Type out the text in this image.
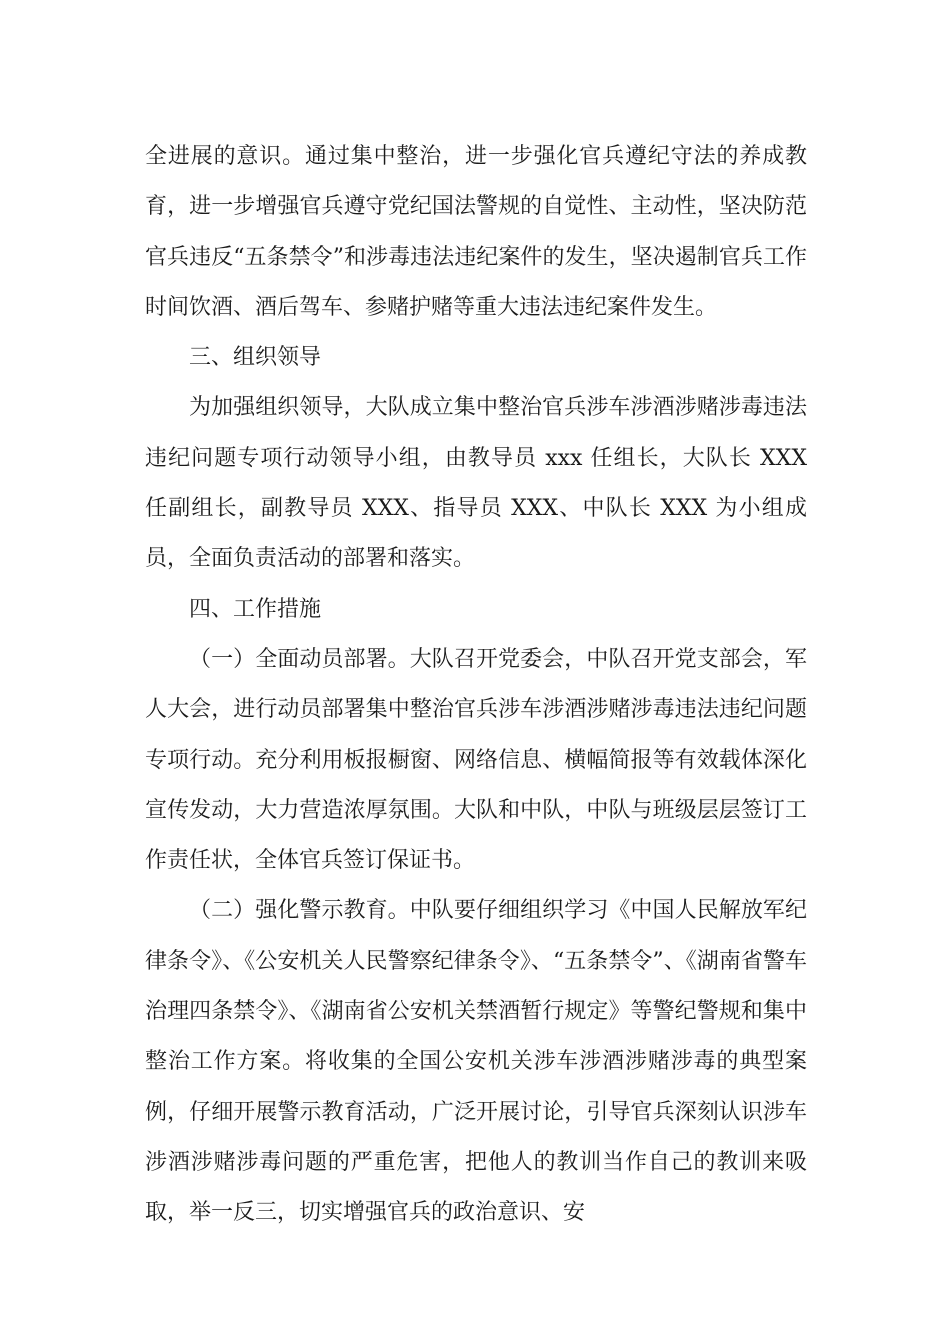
全进展的意识。通过集中整治，进一步强化官兵遵纪守法的养成教育，进一步增强官兵遵守党纪国法警规的自觉性、主动性，坚决防范官兵违反“五条禁令”和涉毒违法违纪案件的发生，坚决遏制官兵工作时间饮酒、酒后驾车、参赌护赌等重大违法违纪案件发生。

三、组织领导

为加强组织领导，大队成立集中整治官兵涉车涉酒涉赌涉毒违法违纪问题专项行动领导小组，由教导员 xxx 任组长，大队长 XXX 任副组长，副教导员 XXX、指导员 XXX、中队长 XXX 为小组成员，全面负责活动的部署和落实。

四、工作措施

（一）全面动员部署。大队召开党委会，中队召开党支部会，军人大会，进行动员部署集中整治官兵涉车涉酒涉赌涉毒违法违纪问题专项行动。充分利用板报橱窗、网络信息、横幅简报等有效载体深化宣传发动，大力营造浓厚氛围。大队和中队，中队与班级层层签订工作责任状，全体官兵签订保证书。

（二）强化警示教育。中队要仔细组织学习《中国人民解放军纪律条令》、《公安机关人民警察纪律条令》、“五条禁令”、《湖南省警车治理四条禁令》、《湖南省公安机关禁酒暂行规定》等警纪警规和集中整治工作方案。将收集的全国公安机关涉车涉酒涉赌涉毒的典型案例，仔细开展警示教育活动，广泛开展讨论，引导官兵深刻认识涉车涉酒涉赌涉毒问题的严重危害，把他人的教训当作自己的教训来吸取，举一反三，切实增强官兵的政治意识、安
